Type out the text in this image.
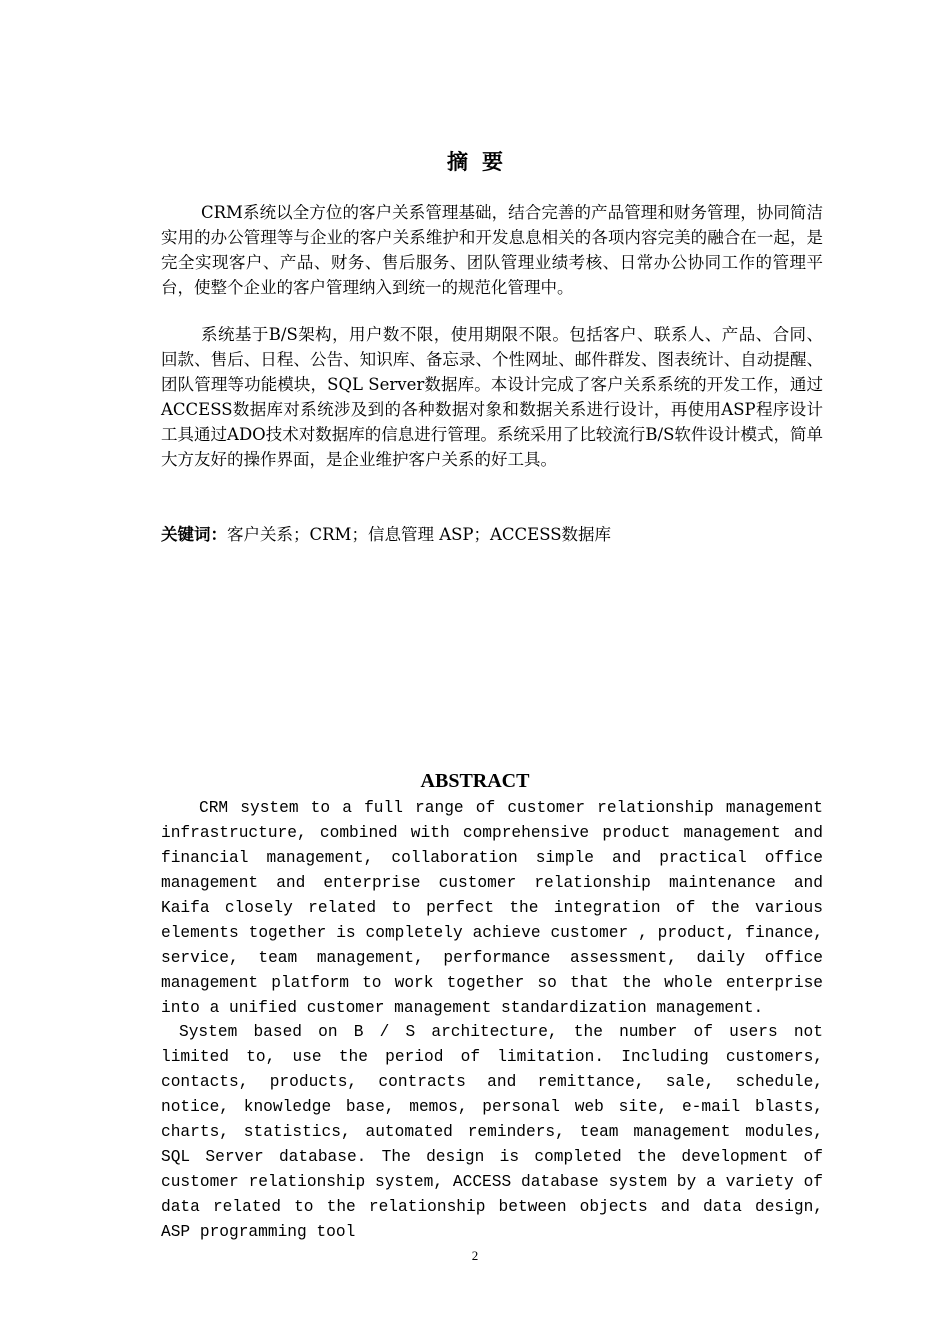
摘要

CRM系统以全方位的客户关系管理基础，结合完善的产品管理和财务管理，协同简洁实用的办公管理等与企业的客户关系维护和开发息息相关的各项内容完美的融合在一起，是完全实现客户、产品、财务、售后服务、团队管理业绩考核、日常办公协同工作的管理平台，使整个企业的客户管理纳入到统一的规范化管理中。

系统基于B/S架构，用户数不限，使用期限不限。包括客户、联系人、产品、合同、回款、售后、日程、公告、知识库、备忘录、个性网址、邮件群发、图表统计、自动提醒、团队管理等功能模块，SQL Server数据库。本设计完成了客户关系系统的开发工作，通过ACCESS数据库对系统涉及到的各种数据对象和数据关系进行设计，再使用ASP程序设计工具通过ADO技术对数据库的信息进行管理。系统采用了比较流行B/S软件设计模式，简单大方友好的操作界面，是企业维护客户关系的好工具。

关键词：客户关系；CRM；信息管理 ASP；ACCESS数据库

ABSTRACT

CRM system to a full range of customer relationship management infrastructure, combined with comprehensive product management and financial management, collaboration simple and practical office management and enterprise customer relationship maintenance and Kaifa closely related to perfect the integration of the various elements together is completely achieve customer , product, finance, service, team management, performance assessment, daily office management platform to work together so that the whole enterprise into a unified customer management standardization management.

System based on B / S architecture, the number of users not limited to, use the period of limitation. Including customers, contacts, products, contracts and remittance, sale, schedule, notice, knowledge base, memos, personal web site, e-mail blasts, charts, statistics, automated reminders, team management modules, SQL Server database. The design is completed the development of customer relationship system, ACCESS database system by a variety of data related to the relationship between objects and data design, ASP programming tool

2
